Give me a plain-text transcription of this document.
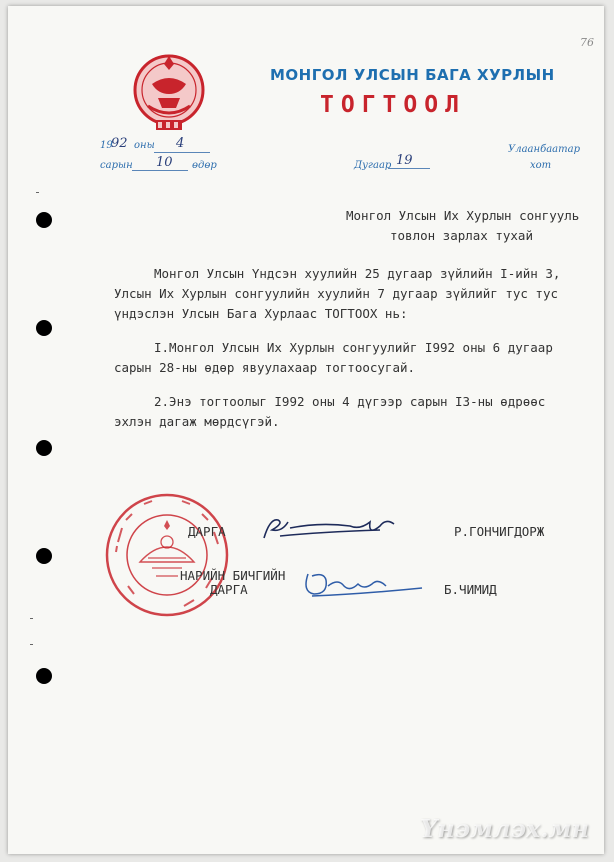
76
МОНГОЛ УЛСЫН БАГА ХУРЛЫН
ТОГТООЛ
19
92 оны 4
сарын 10 өдөр	Дугаар 19
Улаанбаатар
хот
Монгол Улсын Их Хурлын сонгууль
товлон зарлах тухай
Монгол Улсын Үндсэн хуулийн 25 дугаар зүйлийн I-ийн 3,
Улсын Их Хурлын сонгуулийн хуулийн 7 дугаар зүйлийг тус тус
үндэслэн Улсын Бага Хурлаас ТОГТООХ нь:
I.Монгол Улсын Их Хурлын сонгуулийг I992 оны 6 дугаар
сарын 28-ны өдөр явуулахаар тогтоосугай.
2.Энэ тогтоолыг I992 оны 4 дүгээр сарын I3-ны өдрөөс
эхлэн дагаж мөрдсүгэй.
ДАРГА	Р.ГОНЧИГДОРЖ
НАРИЙН БИЧГИЙН
ДАРГА	Б.ЧИМИД
Үнэмлэх.мн
